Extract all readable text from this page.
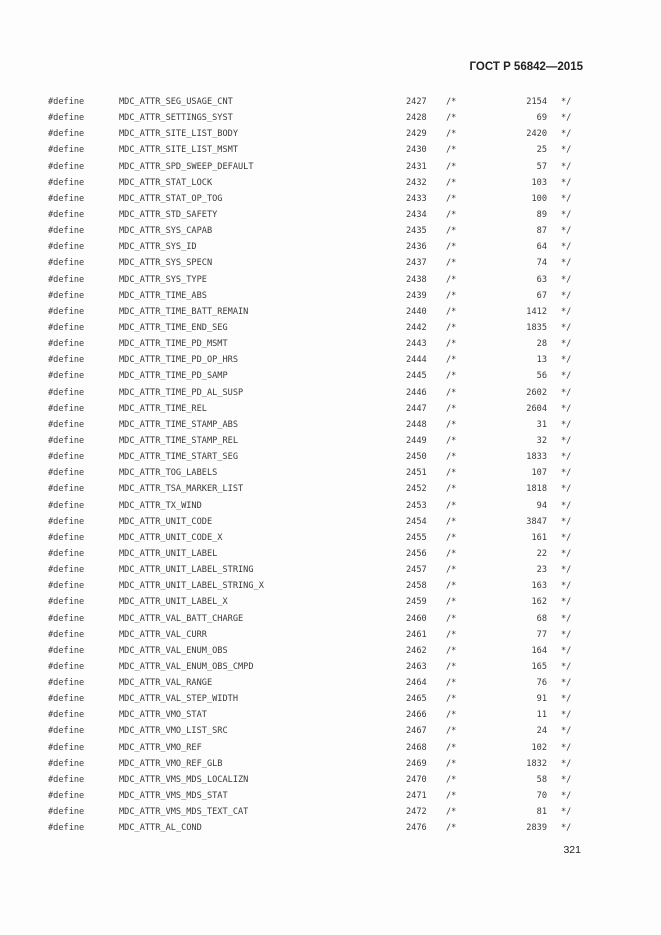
ГОСТ Р 56842—2015
#define	MDC_ATTR_SEG_USAGE_CNT	2427 /*	2154 */
#define	MDC_ATTR_SETTINGS_SYST	2428 /*	69 */
#define	MDC_ATTR_SITE_LIST_BODY	2429 /*	2420 */
#define	MDC_ATTR_SITE_LIST_MSMT	2430 /*	25 */
#define	MDC_ATTR_SPD_SWEEP_DEFAULT	2431 /*	57 */
#define	MDC_ATTR_STAT_LOCK	2432 /*	103 */
#define	MDC_ATTR_STAT_OP_TOG	2433 /*	100 */
#define	MDC_ATTR_STD_SAFETY	2434 /*	89 */
#define	MDC_ATTR_SYS_CAPAB	2435 /*	87 */
#define	MDC_ATTR_SYS_ID	2436 /*	64 */
#define	MDC_ATTR_SYS_SPECN	2437 /*	74 */
#define	MDC_ATTR_SYS_TYPE	2438 /*	63 */
#define	MDC_ATTR_TIME_ABS	2439 /*	67 */
#define	MDC_ATTR_TIME_BATT_REMAIN	2440 /*	1412 */
#define	MDC_ATTR_TIME_END_SEG	2442 /*	1835 */
#define	MDC_ATTR_TIME_PD_MSMT	2443 /*	28 */
#define	MDC_ATTR_TIME_PD_OP_HRS	2444 /*	13 */
#define	MDC_ATTR_TIME_PD_SAMP	2445 /*	56 */
#define	MDC_ATTR_TIME_PD_AL_SUSP	2446 /*	2602 */
#define	MDC_ATTR_TIME_REL	2447 /*	2604 */
#define	MDC_ATTR_TIME_STAMP_ABS	2448 /*	31 */
#define	MDC_ATTR_TIME_STAMP_REL	2449 /*	32 */
#define	MDC_ATTR_TIME_START_SEG	2450 /*	1833 */
#define	MDC_ATTR_TOG_LABELS	2451 /*	107 */
#define	MDC_ATTR_TSA_MARKER_LIST	2452 /*	1818 */
#define	MDC_ATTR_TX_WIND	2453 /*	94 */
#define	MDC_ATTR_UNIT_CODE	2454 /*	3847 */
#define	MDC_ATTR_UNIT_CODE_X	2455 /*	161 */
#define	MDC_ATTR_UNIT_LABEL	2456 /*	22 */
#define	MDC_ATTR_UNIT_LABEL_STRING	2457 /*	23 */
#define	MDC_ATTR_UNIT_LABEL_STRING_X	2458 /*	163 */
#define	MDC_ATTR_UNIT_LABEL_X	2459 /*	162 */
#define	MDC_ATTR_VAL_BATT_CHARGE	2460 /*	68 */
#define	MDC_ATTR_VAL_CURR	2461 /*	77 */
#define	MDC_ATTR_VAL_ENUM_OBS	2462 /*	164 */
#define	MDC_ATTR_VAL_ENUM_OBS_CMPD	2463 /*	165 */
#define	MDC_ATTR_VAL_RANGE	2464 /*	76 */
#define	MDC_ATTR_VAL_STEP_WIDTH	2465 /*	91 */
#define	MDC_ATTR_VMO_STAT	2466 /*	11 */
#define	MDC_ATTR_VMO_LIST_SRC	2467 /*	24 */
#define	MDC_ATTR_VMO_REF	2468 /*	102 */
#define	MDC_ATTR_VMO_REF_GLB	2469 /*	1832 */
#define	MDC_ATTR_VMS_MDS_LOCALIZN	2470 /*	58 */
#define	MDC_ATTR_VMS_MDS_STAT	2471 /*	70 */
#define	MDC_ATTR_VMS_MDS_TEXT_CAT	2472 /*	81 */
#define	MDC_ATTR_AL_COND	2476 /*	2839 */
321
